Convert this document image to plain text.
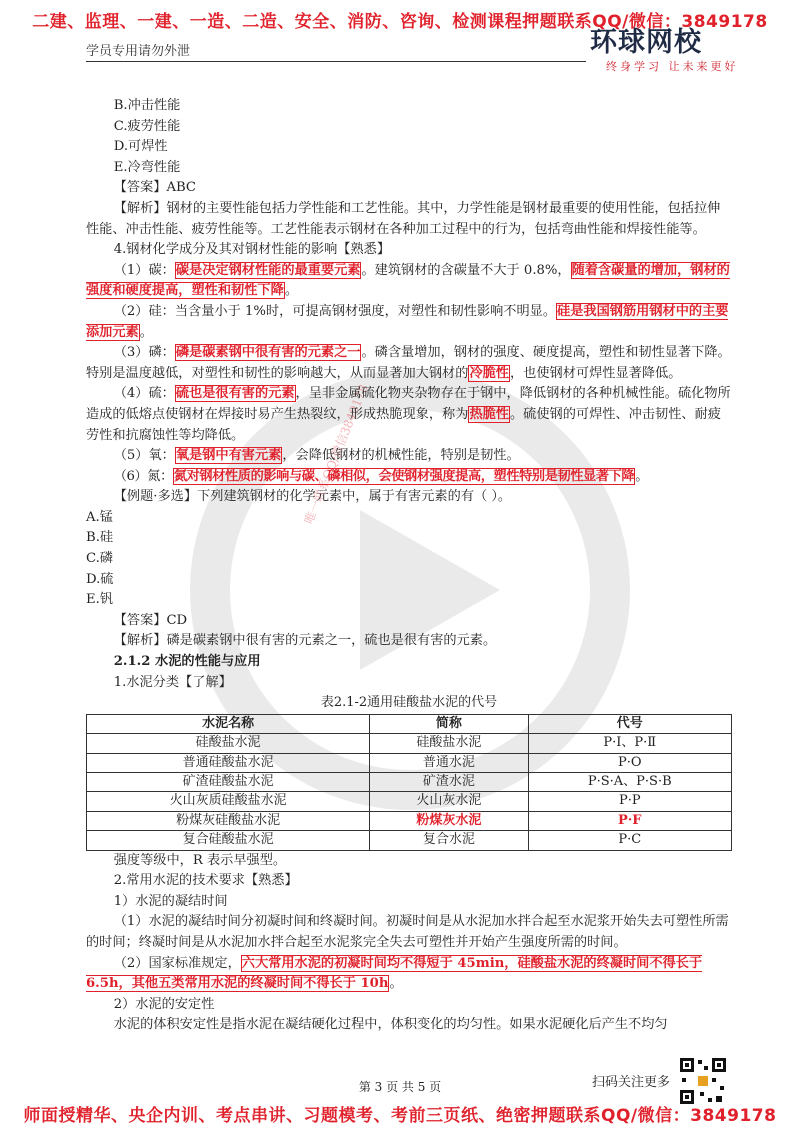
二建、监理、一建、一造、二造、安全、消防、咨询、检测课程押题联系QQ/微信：3849178
学员专用请勿外泄	环球网校
终身学习 让未来更好
唯一联系QQ/微信3849178

B.冲击性能

C.疲劳性能

D.可焊性

E.冷弯性能

【答案】ABC

【解析】钢材的主要性能包括力学性能和工艺性能。其中，力学性能是钢材最重要的使用性能，包括拉伸性能、冲击性能、疲劳性能等。工艺性能表示钢材在各种加工过程中的行为，包括弯曲性能和焊接性能等。

4.钢材化学成分及其对钢材性能的影响【熟悉】

（1）碳：碳是决定钢材性能的最重要元素。建筑钢材的含碳量不大于 0.8%，随着含碳量的增加，钢材的强度和硬度提高，塑性和韧性下降。

（2）硅：当含量小于 1%时，可提高钢材强度，对塑性和韧性影响不明显。硅是我国钢筋用钢材中的主要添加元素。

（3）磷：磷是碳素钢中很有害的元素之一。磷含量增加，钢材的强度、硬度提高，塑性和韧性显著下降。特别是温度越低，对塑性和韧性的影响越大，从而显著加大钢材的冷脆性，也使钢材可焊性显著降低。

（4）硫：硫也是很有害的元素，呈非金属硫化物夹杂物存在于钢中，降低钢材的各种机械性能。硫化物所造成的低熔点使钢材在焊接时易产生热裂纹，形成热脆现象，称为热脆性。硫使钢的可焊性、冲击韧性、耐疲劳性和抗腐蚀性等均降低。

（5）氧：氧是钢中有害元素，会降低钢材的机械性能，特别是韧性。

（6）氮：氮对钢材性质的影响与碳、磷相似，会使钢材强度提高，塑性特别是韧性显著下降。

【例题·多选】下列建筑钢材的化学元素中，属于有害元素的有（ ）。

A.锰

B.硅

C.磷

D.硫

E.钒

【答案】CD

【解析】磷是碳素钢中很有害的元素之一，硫也是很有害的元素。

2.1.2 水泥的性能与应用

1.水泥分类【了解】

表2.1-2通用硅酸盐水泥的代号

水泥名称	简称	代号
硅酸盐水泥	硅酸盐水泥	P·Ⅰ、P·Ⅱ
普通硅酸盐水泥	普通水泥	P·O
矿渣硅酸盐水泥	矿渣水泥	P·S·A、P·S·B
火山灰质硅酸盐水泥	火山灰水泥	P·P
粉煤灰硅酸盐水泥	粉煤灰水泥	P·F
复合硅酸盐水泥	复合水泥	P·C

强度等级中，R 表示早强型。

2.常用水泥的技术要求【熟悉】

1）水泥的凝结时间

（1）水泥的凝结时间分初凝时间和终凝时间。初凝时间是从水泥加水拌合起至水泥浆开始失去可塑性所需的时间；终凝时间是从水泥加水拌合起至水泥浆完全失去可塑性并开始产生强度所需的时间。

（2）国家标准规定，六大常用水泥的初凝时间均不得短于 45min，硅酸盐水泥的终凝时间不得长于 6.5h，其他五类常用水泥的终凝时间不得长于 10h。

2）水泥的安定性

水泥的体积安定性是指水泥在凝结硬化过程中，体积变化的均匀性。如果水泥硬化后产生不均匀

第 3 页 共 5 页	扫码关注更多
师面授精华、央企内训、考点串讲、习题模考、考前三页纸、绝密押题联系QQ/微信：3849178
